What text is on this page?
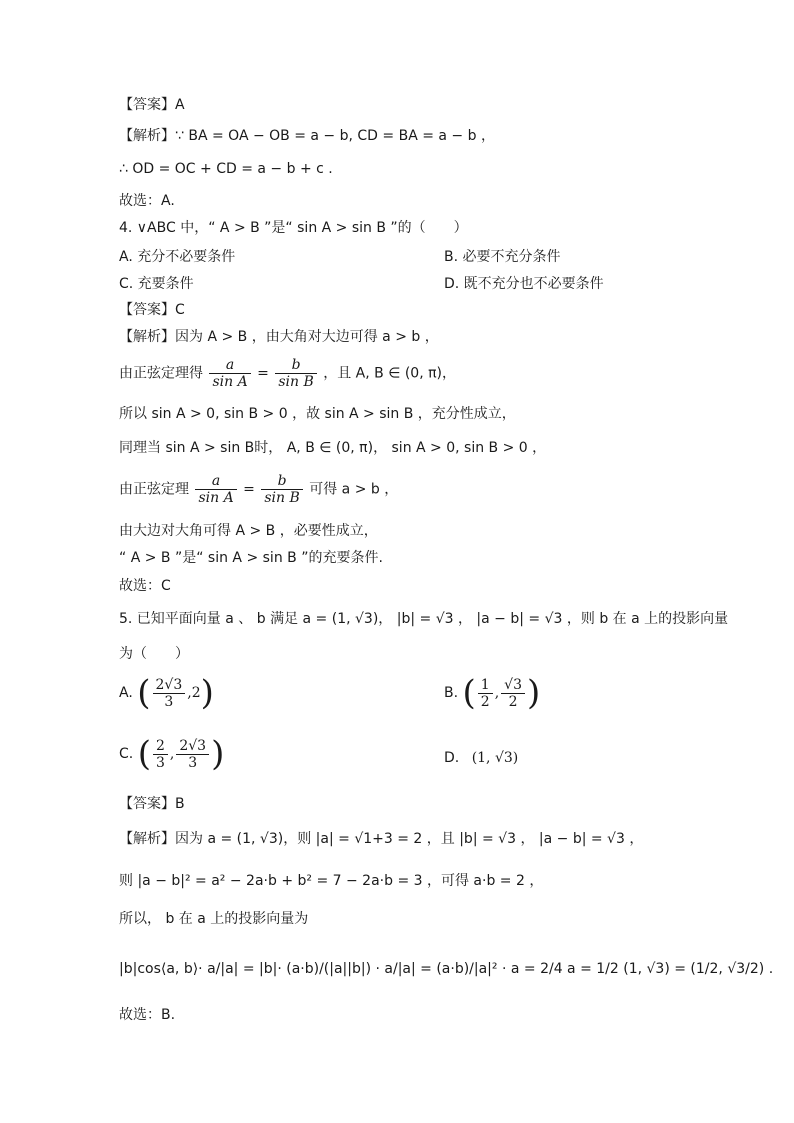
【答案】A
【解析】∵ BA = OA − OB = a − b, CD = BA = a − b ，
∴ OD = OC + CD = a − b + c .
故选：A.
4. ∨ABC 中，“ A > B ”是“ sin A > sin B ”的（　　）
A. 充分不必要条件	B. 必要不充分条件
C. 充要条件	D. 既不充分也不必要条件
【答案】C
【解析】因为 A > B ，由大角对大边可得 a > b ，
由正弦定理得 $\frac{a}{\text{sin A}} = \frac{b}{\text{sin B}}$ ，且 A, B ∈ (0, π)，
所以 sin A > 0, sin B > 0 ，故 sin A > sin B ，充分性成立，
同理当 sin A > sin B时， A, B ∈ (0, π)， sin A > 0, sin B > 0 ，
由正弦定理 $\frac{a}{\text{sin A}} = \frac{b}{\text{sin B}}$ 可得 a > b ，
由大边对大角可得 A > B ，必要性成立，
“ A > B ”是“ sin A > sin B ”的充要条件.
故选：C
5. 已知平面向量 a 、 b 满足 a = (1, √3)， |b| = √3 ， |a − b| = √3 ，则 b 在 a 上的投影向量
为（　　）
A. ( $\frac{2√3}{3} ,2$)	B. ( $\frac{1}{2}$ , $\frac{√3}{2}$ )
C. ( $\frac{2}{3}$ , $\frac{2√3}{3}$ )	D. (1, √3)
【答案】B
【解析】因为 a = (1, √3)，则 |a| = √1+3 = 2 ，且 |b| = √3 ， |a − b| = √3 ，
则 |a − b|² = a² − 2a·b + b² = 7 − 2a·b = 3 ，可得 a·b = 2 ，
所以， b 在 a 上的投影向量为
|b|cos⟨a, b⟩· a/|a| = |b|· (a·b)/(|a||b|) · a/|a| = (a·b)/|a|² · a = 2/4 a = 1/2 (1, √3) = (1/2, √3/2) .
故选：B.
